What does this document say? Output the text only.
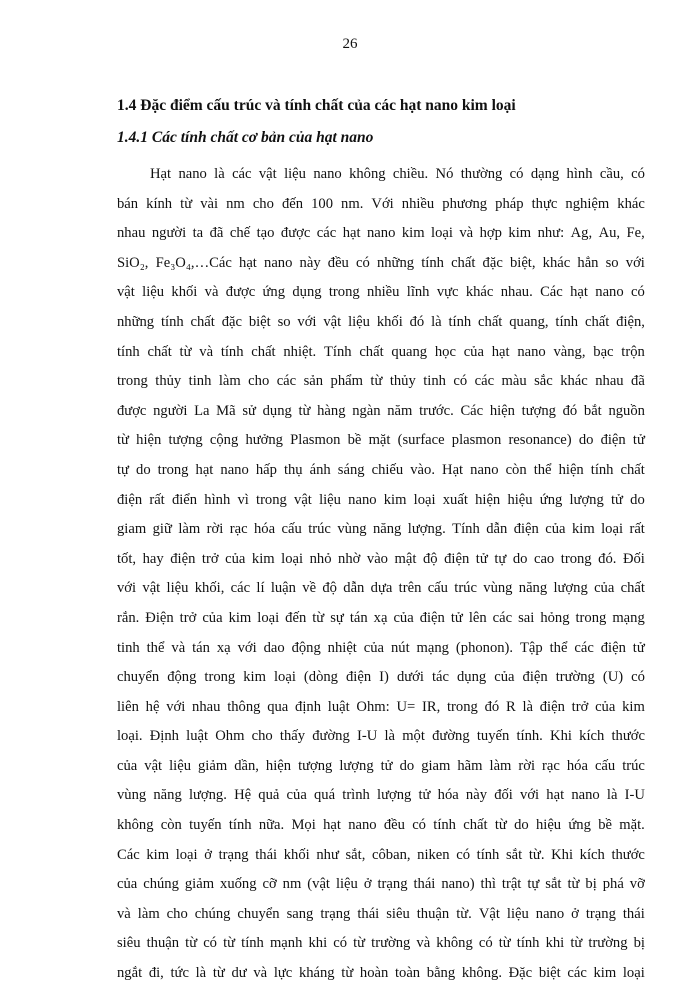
26
1.4 Đặc điểm cấu trúc và tính chất của các hạt nano kim loại
1.4.1 Các tính chất cơ bản của hạt nano
Hạt nano là các vật liệu nano không chiều. Nó thường có dạng hình cầu, có
bán kính từ vài nm cho đến 100 nm. Với nhiều phương pháp thực nghiệm khác
nhau người ta đã chế tạo được các hạt nano kim loại và hợp kim như: Ag, Au, Fe,
SiO₂, Fe₃O₄,…Các hạt nano này đều có những tính chất đặc biệt, khác hẳn so với
vật liệu khối và được ứng dụng trong nhiều lĩnh vực khác nhau. Các hạt nano có
những tính chất đặc biệt so với vật liệu khối đó là tính chất quang, tính chất điện,
tính chất từ và tính chất nhiệt. Tính chất quang học của hạt nano vàng, bạc trộn
trong thủy tinh làm cho các sản phẩm từ thủy tinh có các màu sắc khác nhau đã
được người La Mã sử dụng từ hàng ngàn năm trước. Các hiện tượng đó bắt nguồn
từ hiện tượng cộng hưởng Plasmon bề mặt (surface plasmon resonance) do điện tử
tự do trong hạt nano hấp thụ ánh sáng chiếu vào. Hạt nano còn thể hiện tính chất
điện rất điển hình vì trong vật liệu nano kim loại xuất hiện hiệu ứng lượng tử do
giam giữ làm rời rạc hóa cấu trúc vùng năng lượng. Tính dẫn điện của kim loại rất
tốt, hay điện trở của kim loại nhỏ nhờ vào mật độ điện tử tự do cao trong đó. Đối
với vật liệu khối, các lí luận về độ dẫn dựa trên cấu trúc vùng năng lượng của chất
rắn. Điện trở của kim loại đến từ sự tán xạ của điện tử lên các sai hỏng trong mạng
tinh thể và tán xạ với dao động nhiệt của nút mạng (phonon). Tập thể các điện tử
chuyển động trong kim loại (dòng điện I) dưới tác dụng của điện trường (U) có
liên hệ với nhau thông qua định luật Ohm: U= IR, trong đó R là điện trở của kim
loại. Định luật Ohm cho thấy đường I-U là một đường tuyến tính. Khi kích thước
của vật liệu giảm dần, hiện tượng lượng tử do giam hãm làm rời rạc hóa cấu trúc
vùng năng lượng. Hệ quả của quá trình lượng tử hóa này đối với hạt nano là I-U
không còn tuyến tính nữa. Mọi hạt nano đều có tính chất từ do hiệu ứng bề mặt.
Các kim loại ở trạng thái khối như sắt, côban, niken có tính sắt từ. Khi kích thước
của chúng giảm xuống cỡ nm (vật liệu ở trạng thái nano) thì trật tự sắt từ bị phá vỡ
và làm cho chúng chuyển sang trạng thái siêu thuận từ. Vật liệu nano ở trạng thái
siêu thuận từ có từ tính mạnh khi có từ trường và không có từ tính khi từ trường bị
ngắt đi, tức là từ dư và lực kháng từ hoàn toàn bằng không. Đặc biệt các kim loại
